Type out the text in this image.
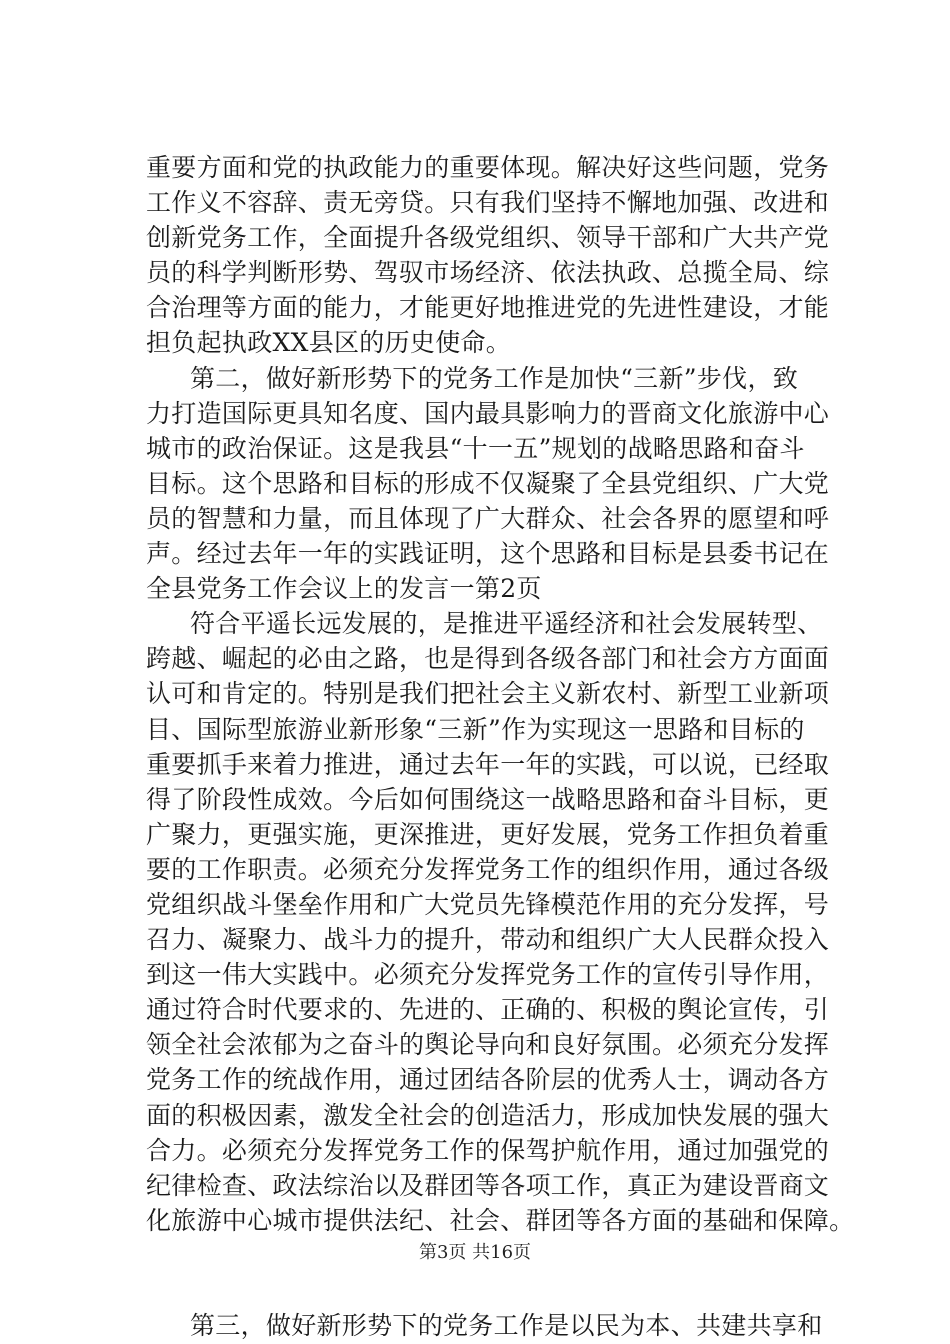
重要方面和党的执政能力的重要体现。解决好这些问题，党务
工作义不容辞、责无旁贷。只有我们坚持不懈地加强、改进和
创新党务工作，全面提升各级党组织、领导干部和广大共产党
员的科学判断形势、驾驭市场经济、依法执政、总揽全局、综
合治理等方面的能力，才能更好地推进党的先进性建设，才能
担负起执政XX县区的历史使命。
第二，做好新形势下的党务工作是加快“三新”步伐，致
力打造国际更具知名度、国内最具影响力的晋商文化旅游中心
城市的政治保证。这是我县“十一五”规划的战略思路和奋斗
目标。这个思路和目标的形成不仅凝聚了全县党组织、广大党
员的智慧和力量，而且体现了广大群众、社会各界的愿望和呼
声。经过去年一年的实践证明，这个思路和目标是县委书记在
全县党务工作会议上的发言一第2页
符合平遥长远发展的，是推进平遥经济和社会发展转型、
跨越、崛起的必由之路，也是得到各级各部门和社会方方面面
认可和肯定的。特别是我们把社会主义新农村、新型工业新项
目、国际型旅游业新形象“三新”作为实现这一思路和目标的
重要抓手来着力推进，通过去年一年的实践，可以说，已经取
得了阶段性成效。今后如何围绕这一战略思路和奋斗目标，更
广聚力，更强实施，更深推进，更好发展，党务工作担负着重
要的工作职责。必须充分发挥党务工作的组织作用，通过各级
党组织战斗堡垒作用和广大党员先锋模范作用的充分发挥，号
召力、凝聚力、战斗力的提升，带动和组织广大人民群众投入
到这一伟大实践中。必须充分发挥党务工作的宣传引导作用，
通过符合时代要求的、先进的、正确的、积极的舆论宣传，引
领全社会浓郁为之奋斗的舆论导向和良好氛围。必须充分发挥
党务工作的统战作用，通过团结各阶层的优秀人士，调动各方
面的积极因素，激发全社会的创造活力，形成加快发展的强大
合力。必须充分发挥党务工作的保驾护航作用，通过加强党的
纪律检查、政法综治以及群团等各项工作，真正为建设晋商文
化旅游中心城市提供法纪、社会、群团等各方面的基础和保障。
第三，做好新形势下的党务工作是以民为本、共建共享和
第3页 共16页
